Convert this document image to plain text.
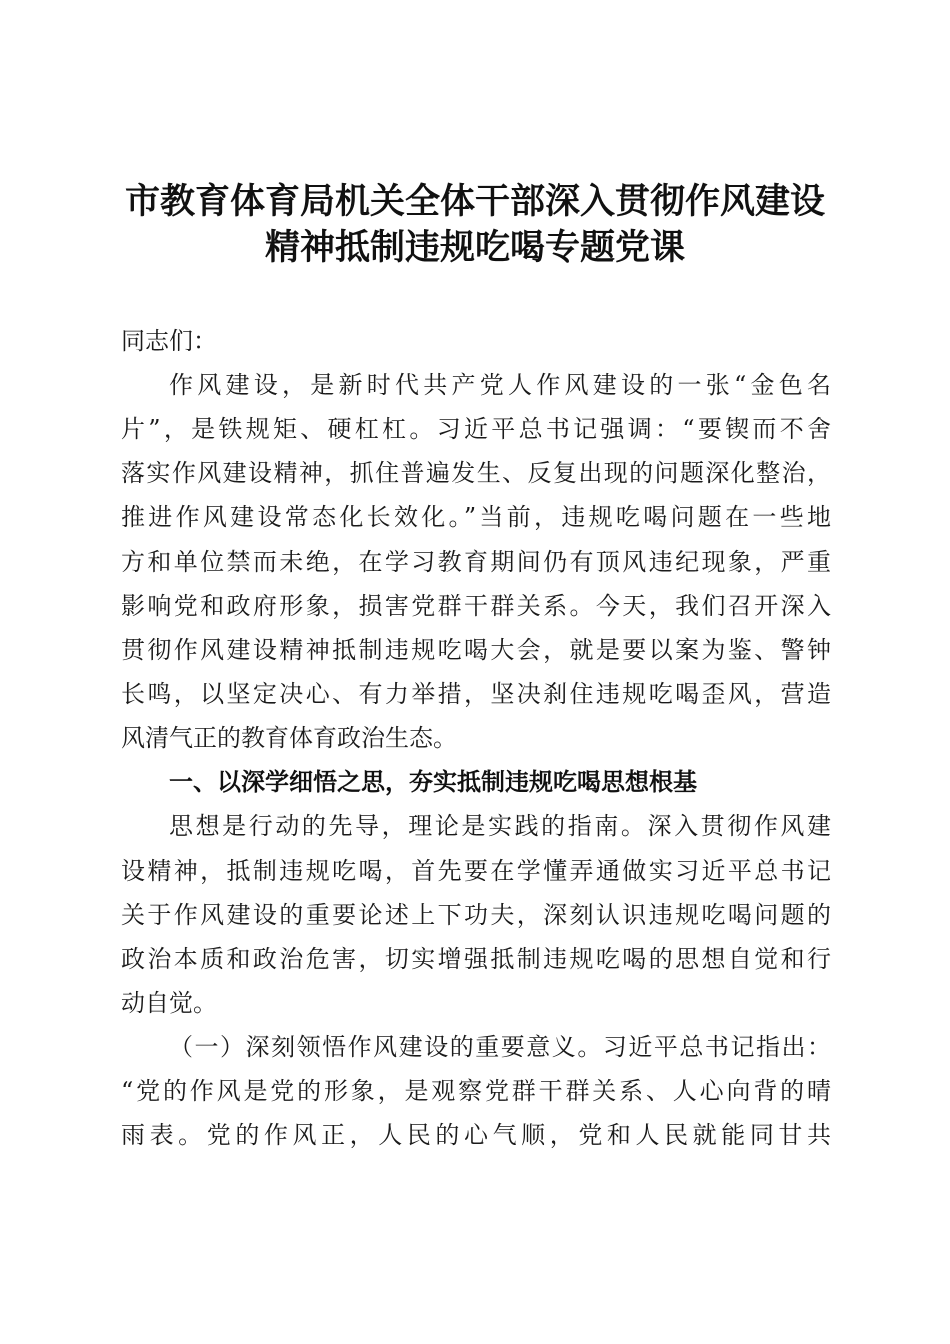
市教育体育局机关全体干部深入贯彻作风建设
精神抵制违规吃喝专题党课
同志们：
作风建设，是新时代共产党人作风建设的一张“金色名
片”，是铁规矩、硬杠杠。习近平总书记强调：“要锲而不舍
落实作风建设精神，抓住普遍发生、反复出现的问题深化整治，
推进作风建设常态化长效化。”当前，违规吃喝问题在一些地
方和单位禁而未绝，在学习教育期间仍有顶风违纪现象，严重
影响党和政府形象，损害党群干群关系。今天，我们召开深入
贯彻作风建设精神抵制违规吃喝大会，就是要以案为鉴、警钟
长鸣，以坚定决心、有力举措，坚决刹住违规吃喝歪风，营造
风清气正的教育体育政治生态。
一、以深学细悟之思，夯实抵制违规吃喝思想根基
思想是行动的先导，理论是实践的指南。深入贯彻作风建
设精神，抵制违规吃喝，首先要在学懂弄通做实习近平总书记
关于作风建设的重要论述上下功夫，深刻认识违规吃喝问题的
政治本质和政治危害，切实增强抵制违规吃喝的思想自觉和行
动自觉。
（一）深刻领悟作风建设的重要意义。习近平总书记指出：
“党的作风是党的形象，是观察党群干群关系、人心向背的晴
雨表。党的作风正，人民的心气顺，党和人民就能同甘共
